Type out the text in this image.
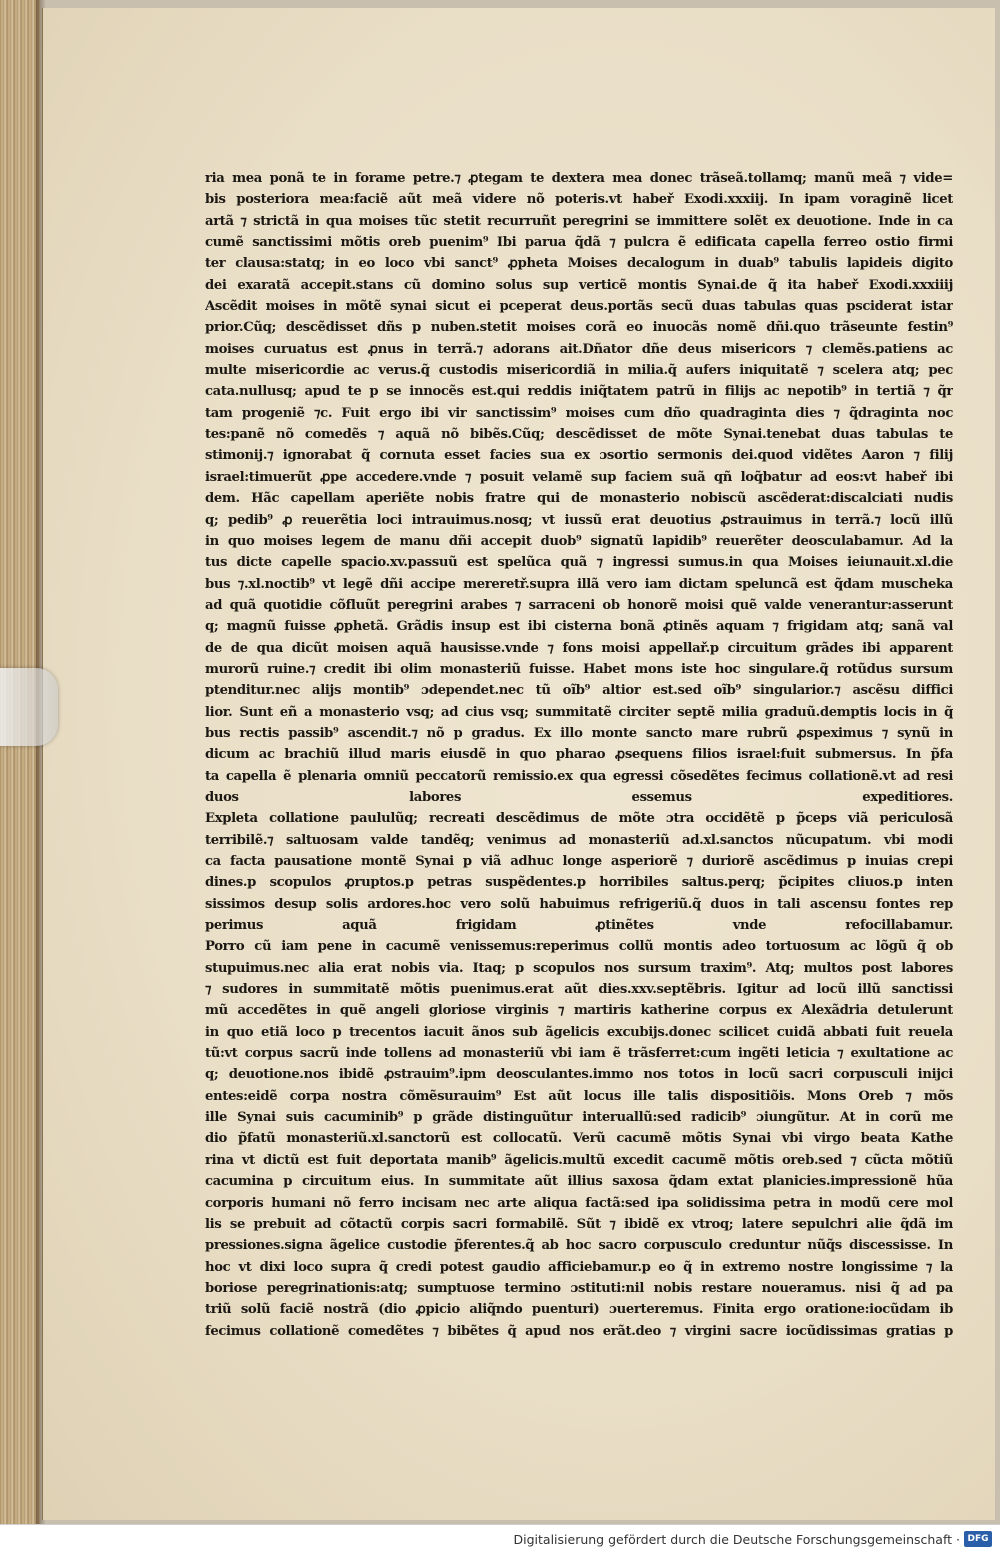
ria mea ponã te in forame petre.⁊ ꝓtegam te dextera mea donec trãseã.tollamq; manũ meã ⁊ vide=
bis posteriora mea:faciẽ aũt meã videre nõ poteris.vt habeř Exodi.xxxiij. In ipam voraginẽ licet
artã ⁊ strictã in qua moises tũc stetit recurruñt peregrini se immittere solẽt ex deuotione. Inde in ca
cumẽ sanctissimi mõtis oreb puenim⁹ Ibi parua q̃dã ⁊ pulcra ẽ edificata capella ferreo ostio firmi
ter clausa:statq; in eo loco vbi sanct⁹ ꝓpheta Moises decalogum in duab⁹ tabulis lapideis digito
dei exaratã accepit.stans cũ domino solus sup verticẽ montis Synai.de q̃ ita habeř Exodi.xxxiiij
Ascẽdit moises in mõtẽ synai sicut ei pceperat deus.portãs secũ duas tabulas quas psciderat istar
prior.Cũq; descẽdisset dñs p nuben.stetit moises corã eo inuocãs nomẽ dñi.quo trãseunte festin⁹
moises curuatus est ꝓnus in terrã.⁊ adorans ait.Dñator dñe deus misericors ⁊ clemẽs.patiens ac
multe misericordie ac verus.q̃ custodis misericordiã in milia.q̃ aufers iniquitatẽ ⁊ scelera atq; pec
cata.nullusq; apud te p se innocẽs est.qui reddis iniq̃tatem patrũ in filijs ac nepotib⁹ in tertiã ⁊ q̃r
tam progeniẽ ⁊c. Fuit ergo ibi vir sanctissim⁹ moises cum dño quadraginta dies ⁊ q̃draginta noc
tes:panẽ nõ comedẽs ⁊ aquã nõ bibẽs.Cũq; descẽdisset de mõte Synai.tenebat duas tabulas te
stimonij.⁊ ignorabat q̃ cornuta esset facies sua ex ɔsortio sermonis dei.quod vidẽtes Aaron ⁊ filij
israel:timuerũt ꝓpe accedere.vnde ⁊ posuit velamẽ sup faciem suã qñ loq̃batur ad eos:vt habeř ibi
dem. Hãc capellam aperiẽte nobis fratre qui de monasterio nobiscũ ascẽderat:discalciati nudis
q; pedib⁹ ꝓ reuerẽtia loci intrauimus.nosq; vt iussũ erat deuotius ꝓstrauimus in terrã.⁊ locũ illũ
in quo moises legem de manu dñi accepit duob⁹ signatũ lapidib⁹ reuerẽter deosculabamur. Ad la
tus dicte capelle spacio.xv.passuũ est spelũca quã ⁊ ingressi sumus.in qua Moises ieiunauit.xl.die
bus ⁊.xl.noctib⁹ vt legẽ dñi accipe mereretř.supra illã vero iam dictam speluncã est q̃dam muscheka
ad quã quotidie cõfluũt peregrini arabes ⁊ sarraceni ob honorẽ moisi quẽ valde venerantur:asserunt
q; magnũ fuisse ꝓphetã. Grãdis insup est ibi cisterna bonã ꝓtinẽs aquam ⁊ frigidam atq; sanã val
de de qua dicũt moisen aquã hausisse.vnde ⁊ fons moisi appellař.p circuitum grãdes ibi apparent
murorũ ruine.⁊ credit ibi olim monasteriũ fuisse. Habet mons iste hoc singulare.q̃ rotũdus sursum
ptenditur.nec alijs montib⁹ ɔdependet.nec tũ oĩb⁹ altior est.sed oĩb⁹ singularior.⁊ ascẽsu diffici
lior. Sunt eñ a monasterio vsq; ad cius vsq; summitatẽ circiter septẽ milia graduũ.demptis locis in q̃
bus rectis passib⁹ ascendit.⁊ nõ p gradus. Ex illo monte sancto mare rubrũ ꝓspeximus ⁊ synũ in
dicum ac brachiũ illud maris eiusdẽ in quo pharao ꝓsequens filios israel:fuit submersus. In p̃fa
ta capella ẽ plenaria omniũ peccatorũ remissio.ex qua egressi cõsedẽtes fecimus collationẽ.vt ad resi
duos labores essemus expeditiores.
Expleta collatione paululũq; recreati descẽdimus de mõte ɔtra occidẽtẽ p p̃ceps viã periculosã
terribilẽ.⁊ saltuosam valde tandẽq; venimus ad monasteriũ ad.xl.sanctos nũcupatum. vbi modi
ca facta pausatione montẽ Synai p viã adhuc longe asperiorẽ ⁊ duriorẽ ascẽdimus p inuias crepi
dines.p scopulos ꝓruptos.p petras suspẽdentes.p horribiles saltus.perq; p̃cipites cliuos.p inten
sissimos desup solis ardores.hoc vero solũ habuimus refrigeriũ.q̃ duos in tali ascensu fontes rep
perimus aquã frigidam ꝓtinẽtes vnde refocillabamur.
Porro cũ iam pene in cacumẽ venissemus:reperimus collũ montis adeo tortuosum ac lõgũ q̃ ob
stupuimus.nec alia erat nobis via. Itaq; p scopulos nos sursum traxim⁹. Atq; multos post labores
⁊ sudores in summitatẽ mõtis puenimus.erat aũt dies.xxv.septẽbris. Igitur ad locũ illũ sanctissi
mũ accedẽtes in quẽ angeli gloriose virginis ⁊ martiris katherine corpus ex Alexãdria detulerunt
in quo etiã loco p trecentos iacuit ãnos sub ãgelicis excubijs.donec scilicet cuidã abbati fuit reuela
tũ:vt corpus sacrũ inde tollens ad monasteriũ vbi iam ẽ trãsferret:cum ingẽti leticia ⁊ exultatione ac
q; deuotione.nos ibidẽ ꝓstrauim⁹.ipm deosculantes.immo nos totos in locũ sacri corpusculi inijci
entes:eidẽ corpa nostra cõmẽsurauim⁹ Est aũt locus ille talis dispositiõis. Mons Oreb ⁊ mõs
ille Synai suis cacuminib⁹ p grãde distinguũtur interuallũ:sed radicib⁹ ɔiungũtur. At in corũ me
dio p̃fatũ monasteriũ.xl.sanctorũ est collocatũ. Verũ cacumẽ mõtis Synai vbi virgo beata Kathe
rina vt dictũ est fuit deportata manib⁹ ãgelicis.multũ excedit cacumẽ mõtis oreb.sed ⁊ cũcta mõtiũ
cacumina p circuitum eius. In summitate aũt illius saxosa q̃dam extat planicies.impressionẽ hũa
corporis humani nõ ferro incisam nec arte aliqua factã:sed ipa solidissima petra in modũ cere mol
lis se prebuit ad cõtactũ corpis sacri formabilẽ. Sũt ⁊ ibidẽ ex vtroq; latere sepulchri alie q̃dã im
pressiones.signa ãgelice custodie p̃ferentes.q̃ ab hoc sacro corpusculo creduntur nũq̃s discessisse. In
hoc vt dixi loco supra q̃ credi potest gaudio afficiebamur.p eo q̃ in extremo nostre longissime ⁊ la
boriose peregrinationis:atq; sumptuose termino ɔstituti:nil nobis restare noueramus. nisi q̃ ad pa
triũ solũ faciẽ nostrã (dio ꝓpicio aliq̃ndo puenturi) ɔuerteremus. Finita ergo oratione:iocũdam ib
fecimus collationẽ comedẽtes ⁊ bibẽtes q̃ apud nos erãt.deo ⁊ virgini sacre iocũdissimas gratias p
Digitalisierung gefördert durch die Deutsche Forschungsgemeinschaft · DFG
